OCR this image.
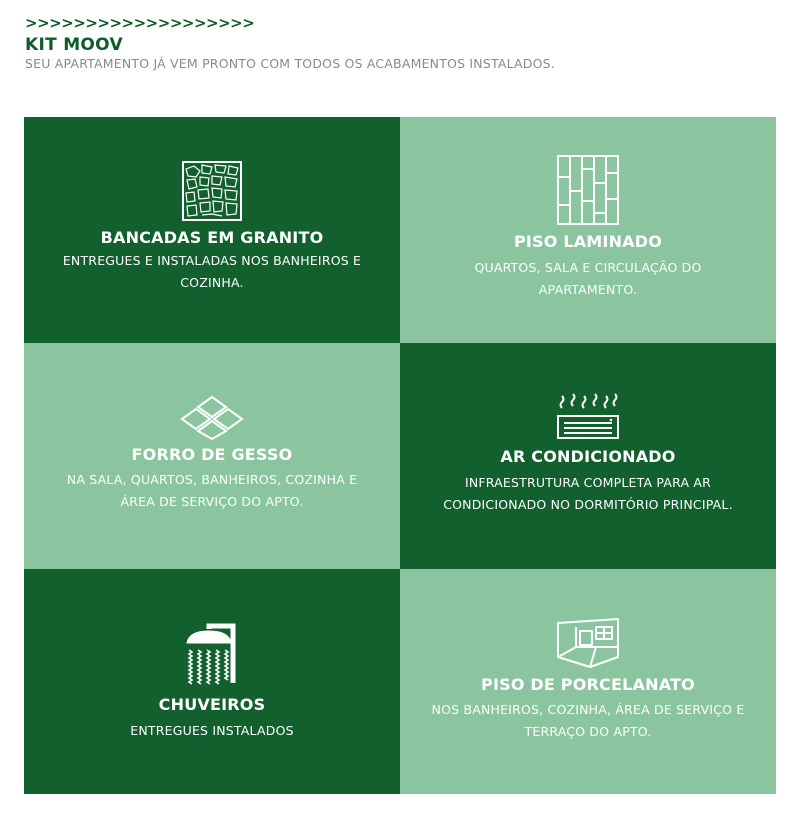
>>>>>>>>>>>>>>>>>>>
KIT MOOV
SEU APARTAMENTO JÁ VEM PRONTO COM TODOS OS ACABAMENTOS INSTALADOS.
BANCADAS EM GRANITO
ENTREGUES E INSTALADAS NOS BANHEIROS E COZINHA.
PISO LAMINADO
QUARTOS, SALA E CIRCULAÇÃO DO APARTAMENTO.
FORRO DE GESSO
NA SALA, QUARTOS, BANHEIROS, COZINHA E ÁREA DE SERVIÇO DO APTO.
AR CONDICIONADO
INFRAESTRUTURA COMPLETA PARA AR CONDICIONADO NO DORMITÓRIO PRINCIPAL.
CHUVEIROS
ENTREGUES INSTALADOS
PISO DE PORCELANATO
NOS BANHEIROS, COZINHA, ÁREA DE SERVIÇO E TERRAÇO DO APTO.
